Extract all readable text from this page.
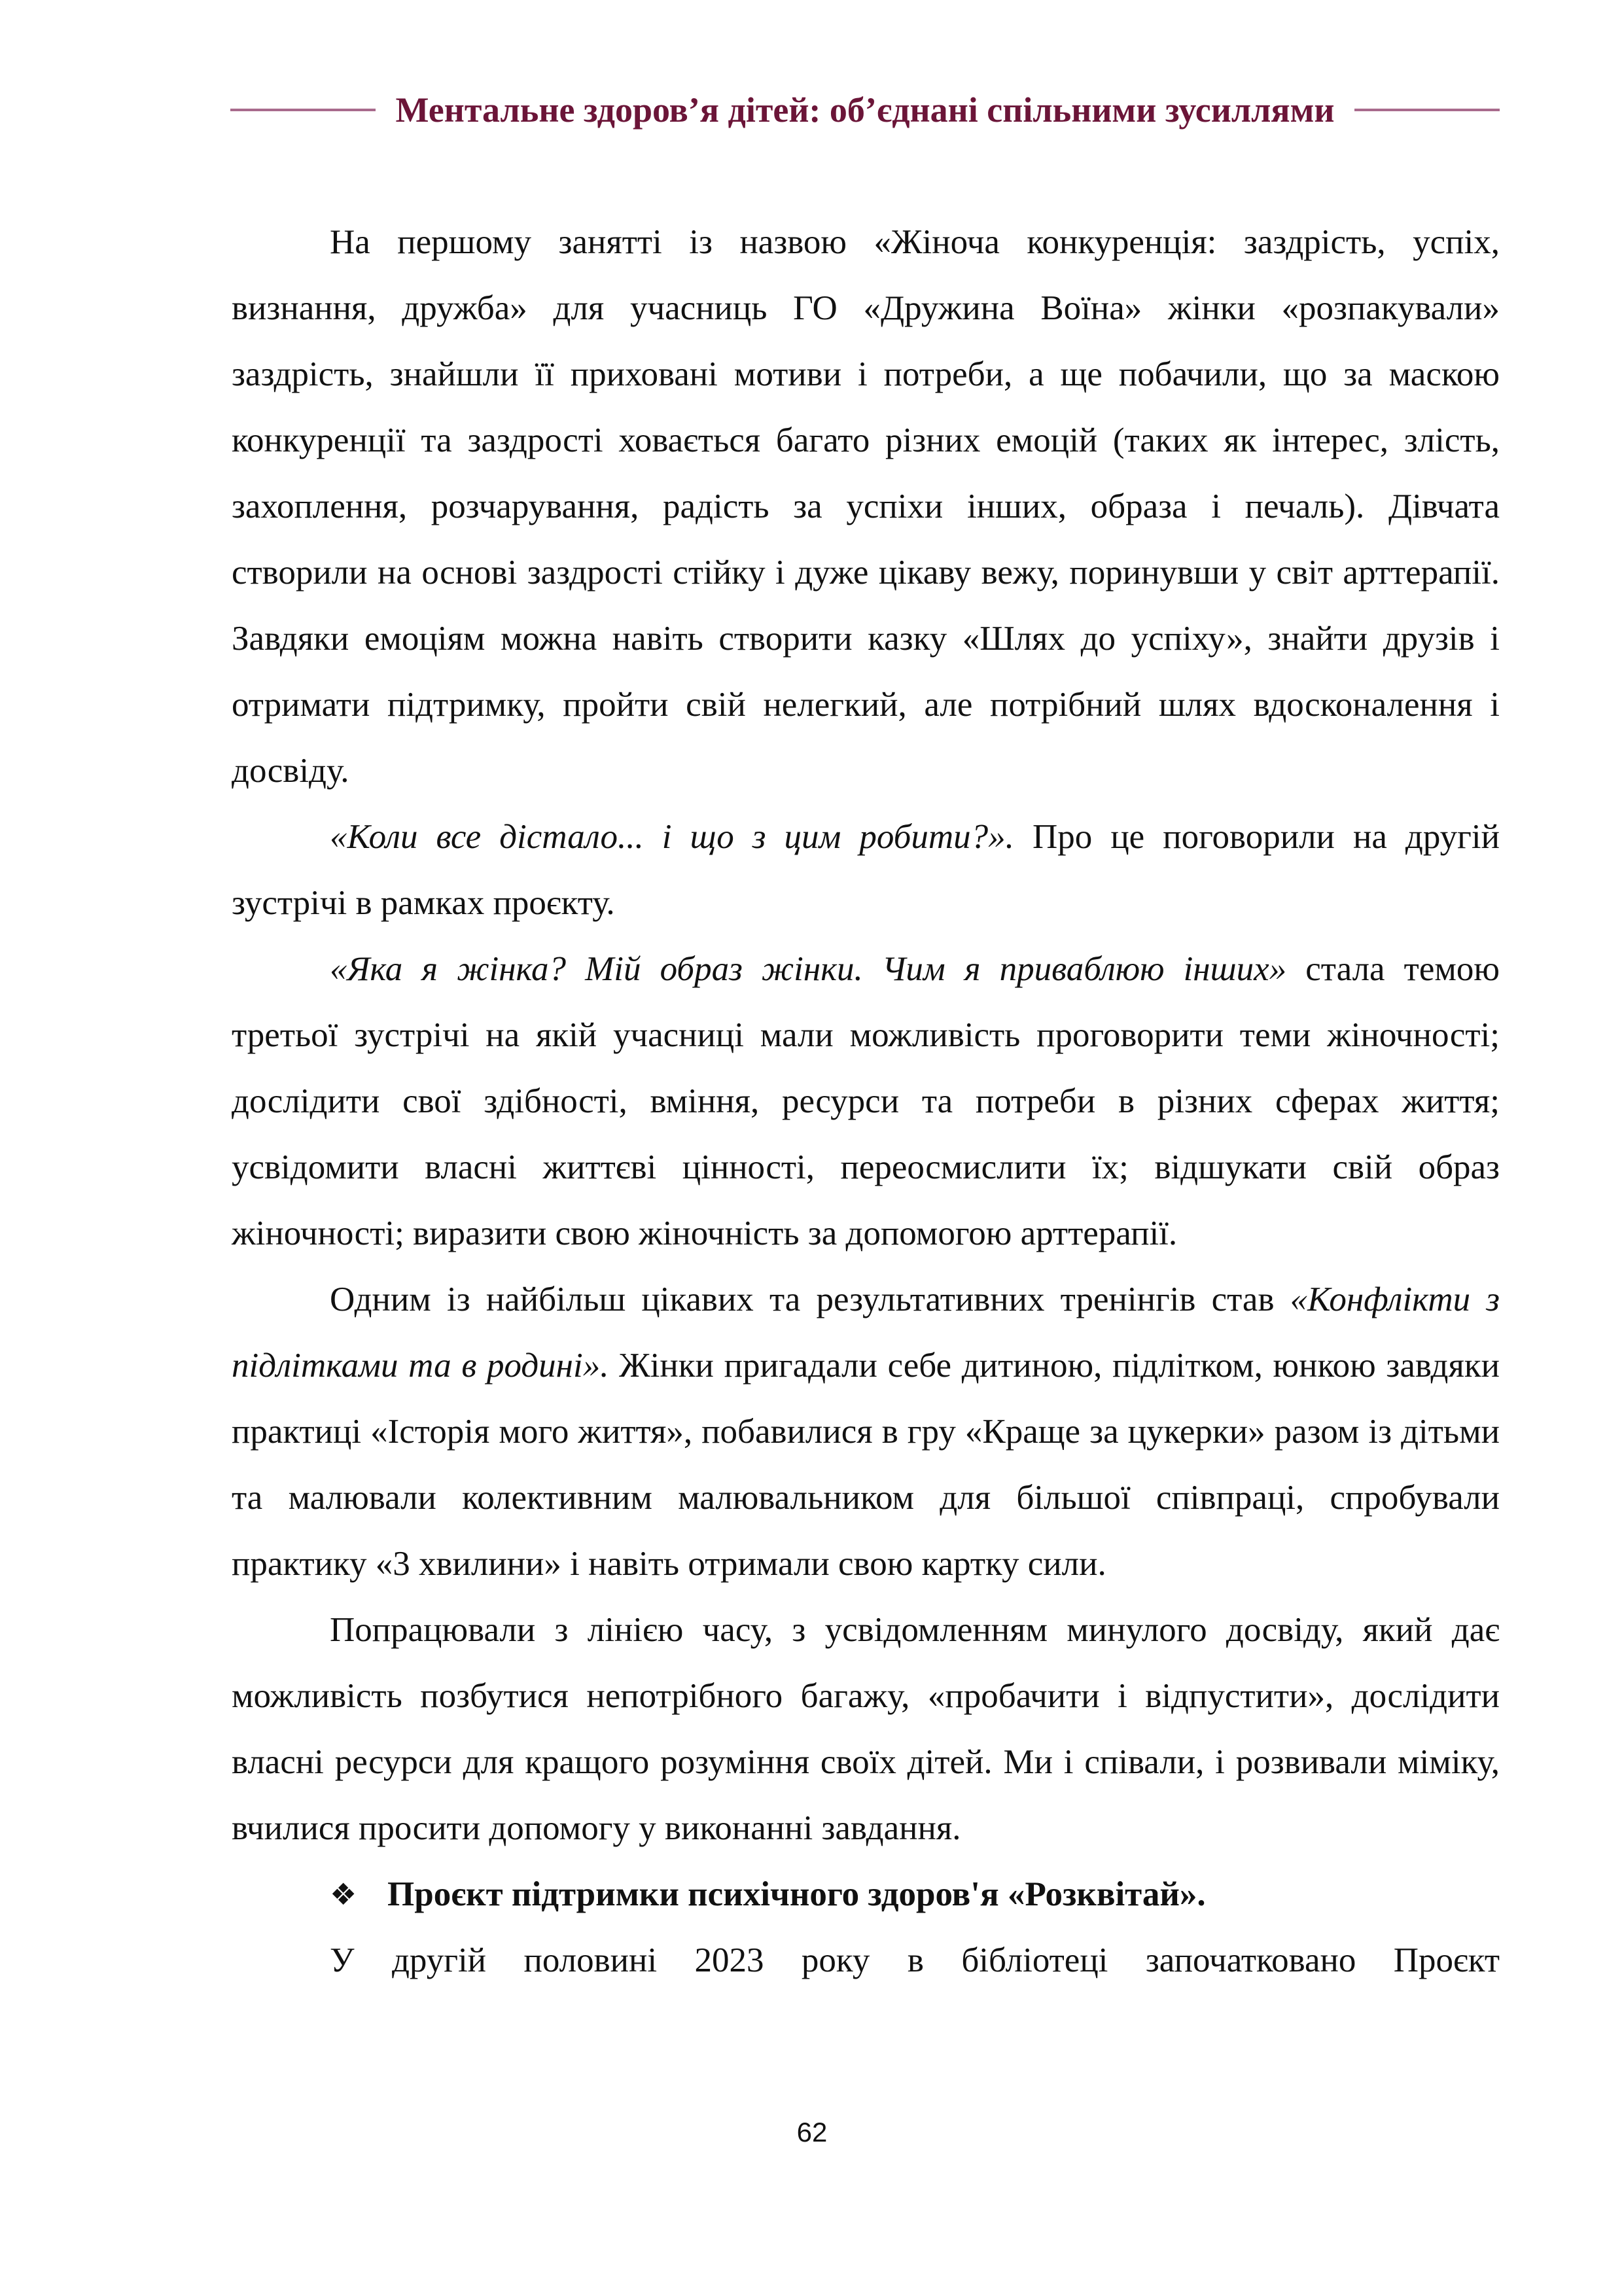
Ментальне здоров’я дітей: об’єднані спільними зусиллями

На першому занятті із назвою «Жіноча конкуренція: заздрість, успіх, визнання, дружба» для учасниць ГО «Дружина Воїна» жінки «розпакували» заздрість, знайшли її приховані мотиви і потреби, а ще побачили, що за маскою конкуренції та заздрості ховається багато різних емоцій (таких як інтерес, злість, захоплення, розчарування, радість за успіхи інших, образа і печаль). Дівчата створили на основі заздрості стійку і дуже цікаву вежу, поринувши у світ арттерапії. Завдяки емоціям можна навіть створити казку «Шлях до успіху», знайти друзів і отримати підтримку, пройти свій нелегкий, але потрібний шлях вдосконалення і досвіду.

«Коли все дістало... і що з цим робити?». Про це поговорили на другій зустрічі в рамках проєкту.

«Яка я жінка? Мій образ жінки. Чим я приваблюю інших» стала темою третьої зустрічі на якій учасниці мали можливість проговорити теми жіночності; дослідити свої здібності, вміння, ресурси та потреби в різних сферах життя; усвідомити власні життєві цінності, переосмислити їх; відшукати свій образ жіночності; виразити свою жіночність за допомогою арттерапії.

Одним із найбільш цікавих та результативних тренінгів став «Конфлікти з підлітками та в родині». Жінки пригадали себе дитиною, підлітком, юнкою завдяки практиці «Історія мого життя», побавилися в гру «Краще за цукерки» разом із дітьми та малювали колективним малювальником для більшої співпраці, спробували практику «3 хвилини» і навіть отримали свою картку сили.

Попрацювали з лінією часу, з усвідомленням минулого досвіду, який дає можливість позбутися непотрібного багажу, «пробачити і відпустити», дослідити власні ресурси для кращого розуміння своїх дітей. Ми і співали, і розвивали міміку, вчилися просити допомогу у виконанні завдання.

❖ Проєкт підтримки психічного здоров'я «Розквітай».

У другій половині 2023 року в бібліотеці започатковано Проєкт

62
